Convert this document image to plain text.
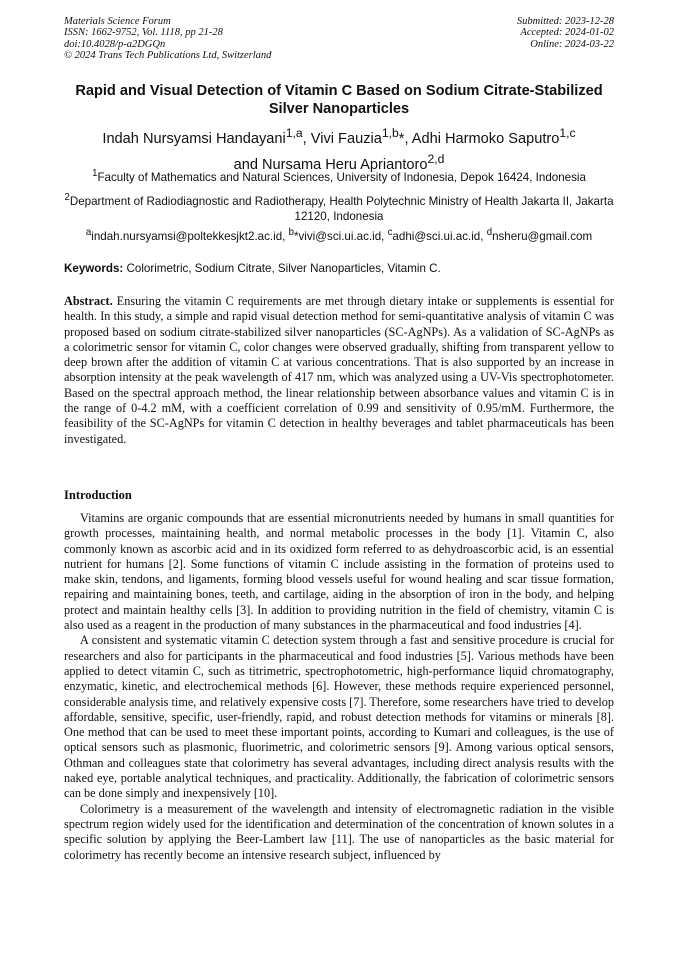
Materials Science Forum
ISSN: 1662-9752, Vol. 1118, pp 21-28
doi:10.4028/p-a2DGQn
© 2024 Trans Tech Publications Ltd, Switzerland
Submitted: 2023-12-28
Accepted: 2024-01-02
Online: 2024-03-22
Rapid and Visual Detection of Vitamin C Based on Sodium Citrate-Stabilized Silver Nanoparticles
Indah Nursyamsi Handayani$^{1,a}$, Vivi Fauzia$^{1,b}$*, Adhi Harmoko Saputro$^{1,c}$
and Nursama Heru Apriantoro$^{2,d}$
$^1$Faculty of Mathematics and Natural Sciences, University of Indonesia, Depok 16424, Indonesia
$^2$Department of Radiodiagnostic and Radiotherapy, Health Polytechnic Ministry of Health Jakarta II, Jakarta 12120, Indonesia
$^a$indah.nursyamsi@poltekkesjkt2.ac.id, $^b$*vivi@sci.ui.ac.id, $^c$adhi@sci.ui.ac.id, $^d$nsheru@gmail.com
Keywords: Colorimetric, Sodium Citrate, Silver Nanoparticles, Vitamin C.
Abstract. Ensuring the vitamin C requirements are met through dietary intake or supplements is essential for health. In this study, a simple and rapid visual detection method for semi-quantitative analysis of vitamin C was proposed based on sodium citrate-stabilized silver nanoparticles (SC-AgNPs). As a validation of SC-AgNPs as a colorimetric sensor for vitamin C, color changes were observed gradually, shifting from transparent yellow to deep brown after the addition of vitamin C at various concentrations. That is also supported by an increase in absorption intensity at the peak wavelength of 417 nm, which was analyzed using a UV-Vis spectrophotometer. Based on the spectral approach method, the linear relationship between absorbance values and vitamin C is in the range of 0-4.2 mM, with a coefficient correlation of 0.99 and sensitivity of 0.95/mM. Furthermore, the feasibility of the SC-AgNPs for vitamin C detection in healthy beverages and tablet pharmaceuticals has been investigated.
Introduction

Vitamins are organic compounds that are essential micronutrients needed by humans in small quantities for growth processes, maintaining health, and normal metabolic processes in the body [1]. Vitamin C, also commonly known as ascorbic acid and in its oxidized form referred to as dehydroascorbic acid, is an essential nutrient for humans [2]. Some functions of vitamin C include assisting in the formation of proteins used to make skin, tendons, and ligaments, forming blood vessels useful for wound healing and scar tissue formation, repairing and maintaining bones, teeth, and cartilage, aiding in the absorption of iron in the body, and helping protect and maintain healthy cells [3]. In addition to providing nutrition in the field of chemistry, vitamin C is also used as a reagent in the production of many substances in the pharmaceutical and food industries [4].

A consistent and systematic vitamin C detection system through a fast and sensitive procedure is crucial for researchers and also for participants in the pharmaceutical and food industries [5]. Various methods have been applied to detect vitamin C, such as titrimetric, spectrophotometric, high-performance liquid chromatography, enzymatic, kinetic, and electrochemical methods [6]. However, these methods require experienced personnel, considerable analysis time, and relatively expensive costs [7]. Therefore, some researchers have tried to develop affordable, sensitive, specific, user-friendly, rapid, and robust detection methods for vitamins or minerals [8]. One method that can be used to meet these important points, according to Kumari and colleagues, is the use of optical sensors such as plasmonic, fluorimetric, and colorimetric sensors [9]. Among various optical sensors, Othman and colleagues state that colorimetry has several advantages, including direct analysis results with the naked eye, portable analytical techniques, and practicality. Additionally, the fabrication of colorimetric sensors can be done simply and inexpensively [10].

Colorimetry is a measurement of the wavelength and intensity of electromagnetic radiation in the visible spectrum region widely used for the identification and determination of the concentration of known solutes in a specific solution by applying the Beer-Lambert law [11]. The use of nanoparticles as the basic material for colorimetry has recently become an intensive research subject, influenced by
